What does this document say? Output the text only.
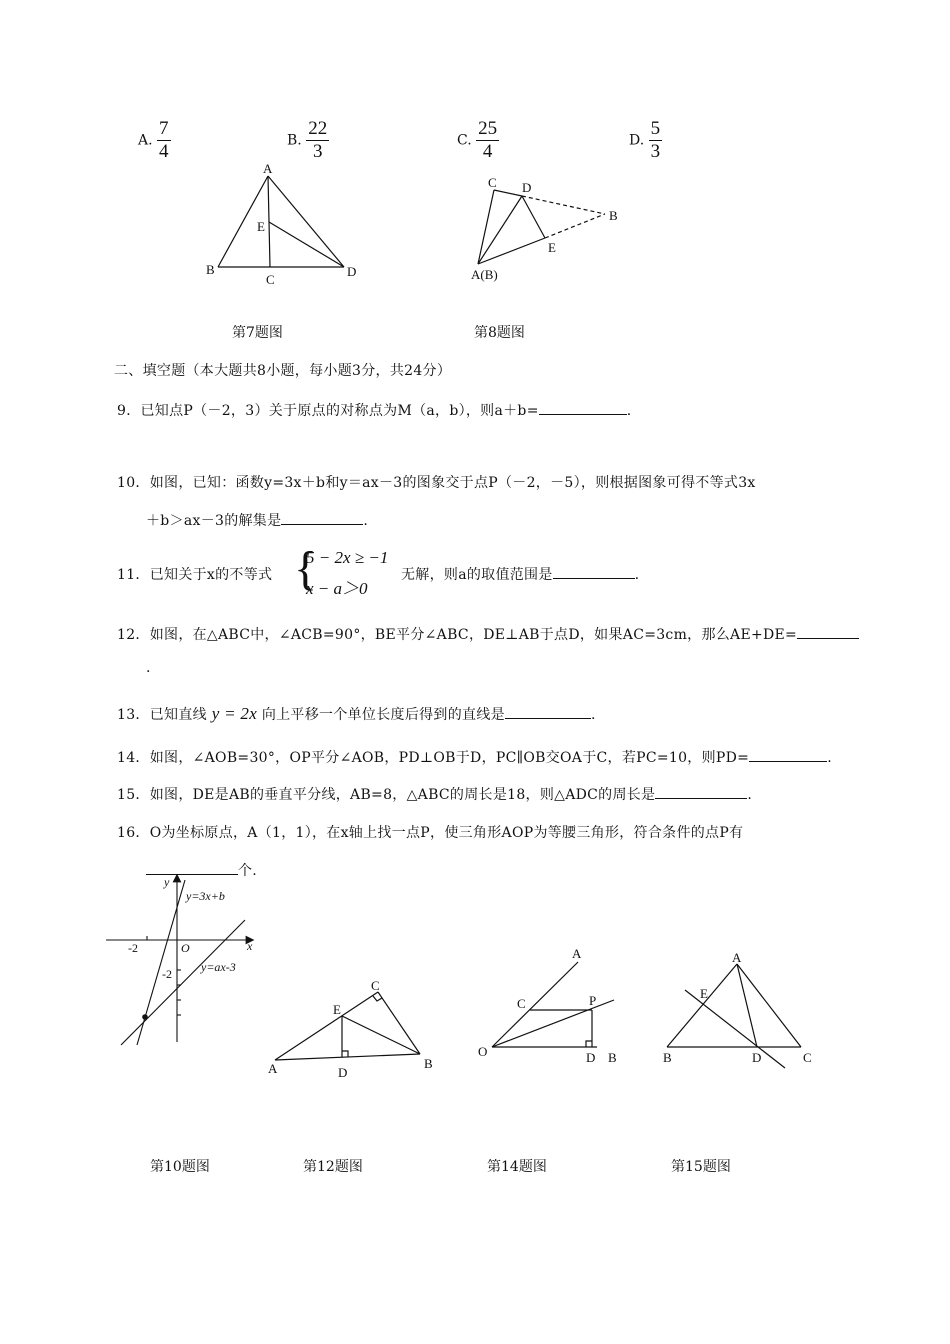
A. $\frac{7}{4}$	B. $\frac{22}{3}$	C. $\frac{25}{4}$	D. $\frac{5}{3}$
A
E
B
C
D
C D
B
E
A(B)
第7题图	第8题图
二、填空题（本大题共8小题，每小题3分，共24分）
9．已知点P（－2，3）关于原点的对称点为M（a，b），则a＋b=	.
10．如图，已知：函数y=3x＋b和y＝ax－3的图象交于点P（－2，－5），则根据图象可得不等式3x
＋b＞ax－3的解集是	.
11．已知关于x的不等式 {
5 − 2x ≥ −1
x − a＞0
无解，则a的取值范围是	.
12．如图，在△ABC中，∠ACB=90°，BE平分∠ABC，DE⊥AB于点D，如果AC=3cm，那么AE+DE=
.
13．已知直线 y = 2x 向上平移一个单位长度后得到的直线是	.
14．如图，∠AOB=30°，OP平分∠AOB，PD⊥OB于D，PC∥OB交OA于C，若PC=10，则PD=	.
15．如图，DE是AB的垂直平分线，AB=8，△ABC的周长是18，则△ADC的周长是	.
16．O为坐标原点，A（1，1），在x轴上找一点P，使三角形AOP为等腰三角形，符合条件的点P有
个.
y
x
O
-2
-2
y=3x+b
y=ax-3
A	B
C
D
E
A
B
C
D
O
P
A
B	C
D
E
第10题图	第12题图	第14题图	第15题图
